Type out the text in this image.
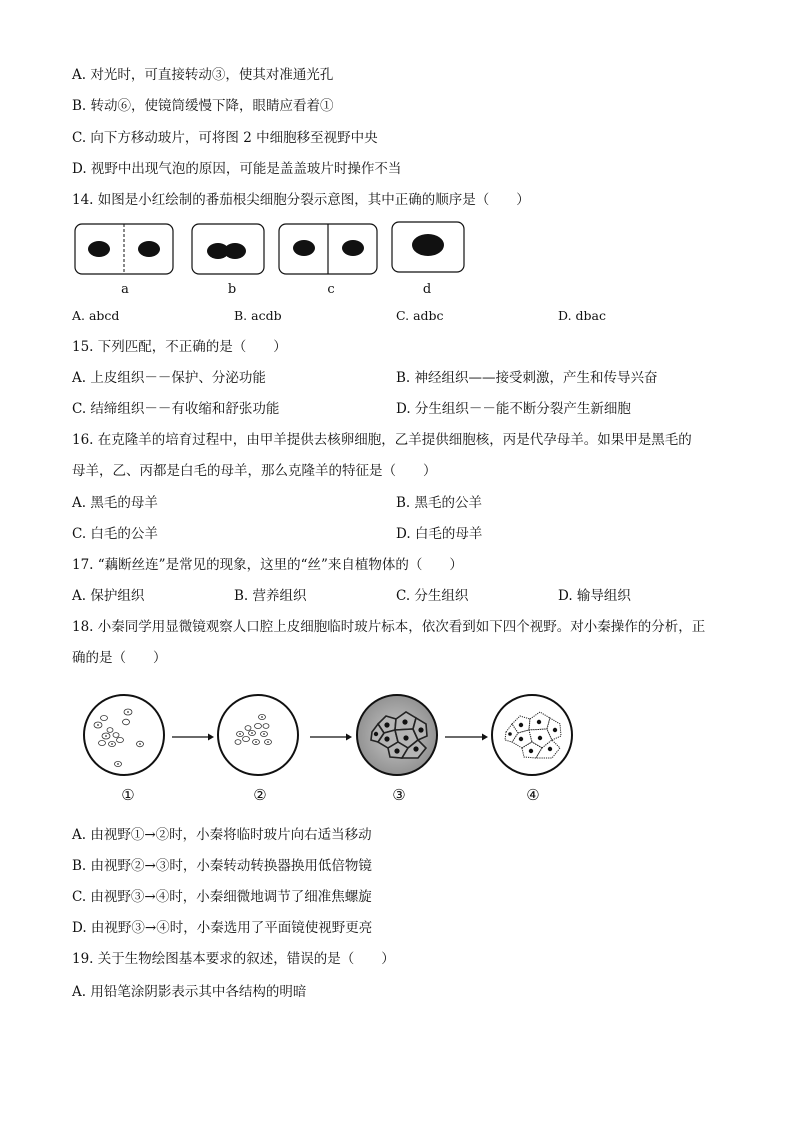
A. 对光时，可直接转动③，使其对准通光孔
B. 转动⑥，使镜筒缓慢下降，眼睛应看着①
C. 向下方移动玻片，可将图 2 中细胞移至视野中央
D. 视野中出现气泡的原因，可能是盖盖玻片时操作不当
14. 如图是小红绘制的番茄根尖细胞分裂示意图，其中正确的顺序是（　　）
a	b	c	d
A. abcd	B. acdb	C. adbc	D. dbac
15. 下列匹配，不正确的是（　　）
A. 上皮组织－－保护、分泌功能	B. 神经组织——接受刺激，产生和传导兴奋
C. 结缔组织－－有收缩和舒张功能	D. 分生组织－－能不断分裂产生新细胞
16. 在克隆羊的培育过程中，由甲羊提供去核卵细胞，乙羊提供细胞核，丙是代孕母羊。如果甲是黑毛的
母羊，乙、丙都是白毛的母羊，那么克隆羊的特征是（　　）
A. 黑毛的母羊	B. 黑毛的公羊
C. 白毛的公羊	D. 白毛的母羊
17. “藕断丝连”是常见的现象，这里的“丝”来自植物体的（　　）
A. 保护组织	B. 营养组织	C. 分生组织	D. 输导组织
18. 小秦同学用显微镜观察人口腔上皮细胞临时玻片标本，依次看到如下四个视野。对小秦操作的分析，正
确的是（　　）
①	②	③	④
A. 由视野①→②时，小秦将临时玻片向右适当移动
B. 由视野②→③时，小秦转动转换器换用低倍物镜
C. 由视野③→④时，小秦细微地调节了细准焦螺旋
D. 由视野③→④时，小秦选用了平面镜使视野更亮
19. 关于生物绘图基本要求的叙述，错误的是（　　）
A. 用铅笔涂阴影表示其中各结构的明暗
